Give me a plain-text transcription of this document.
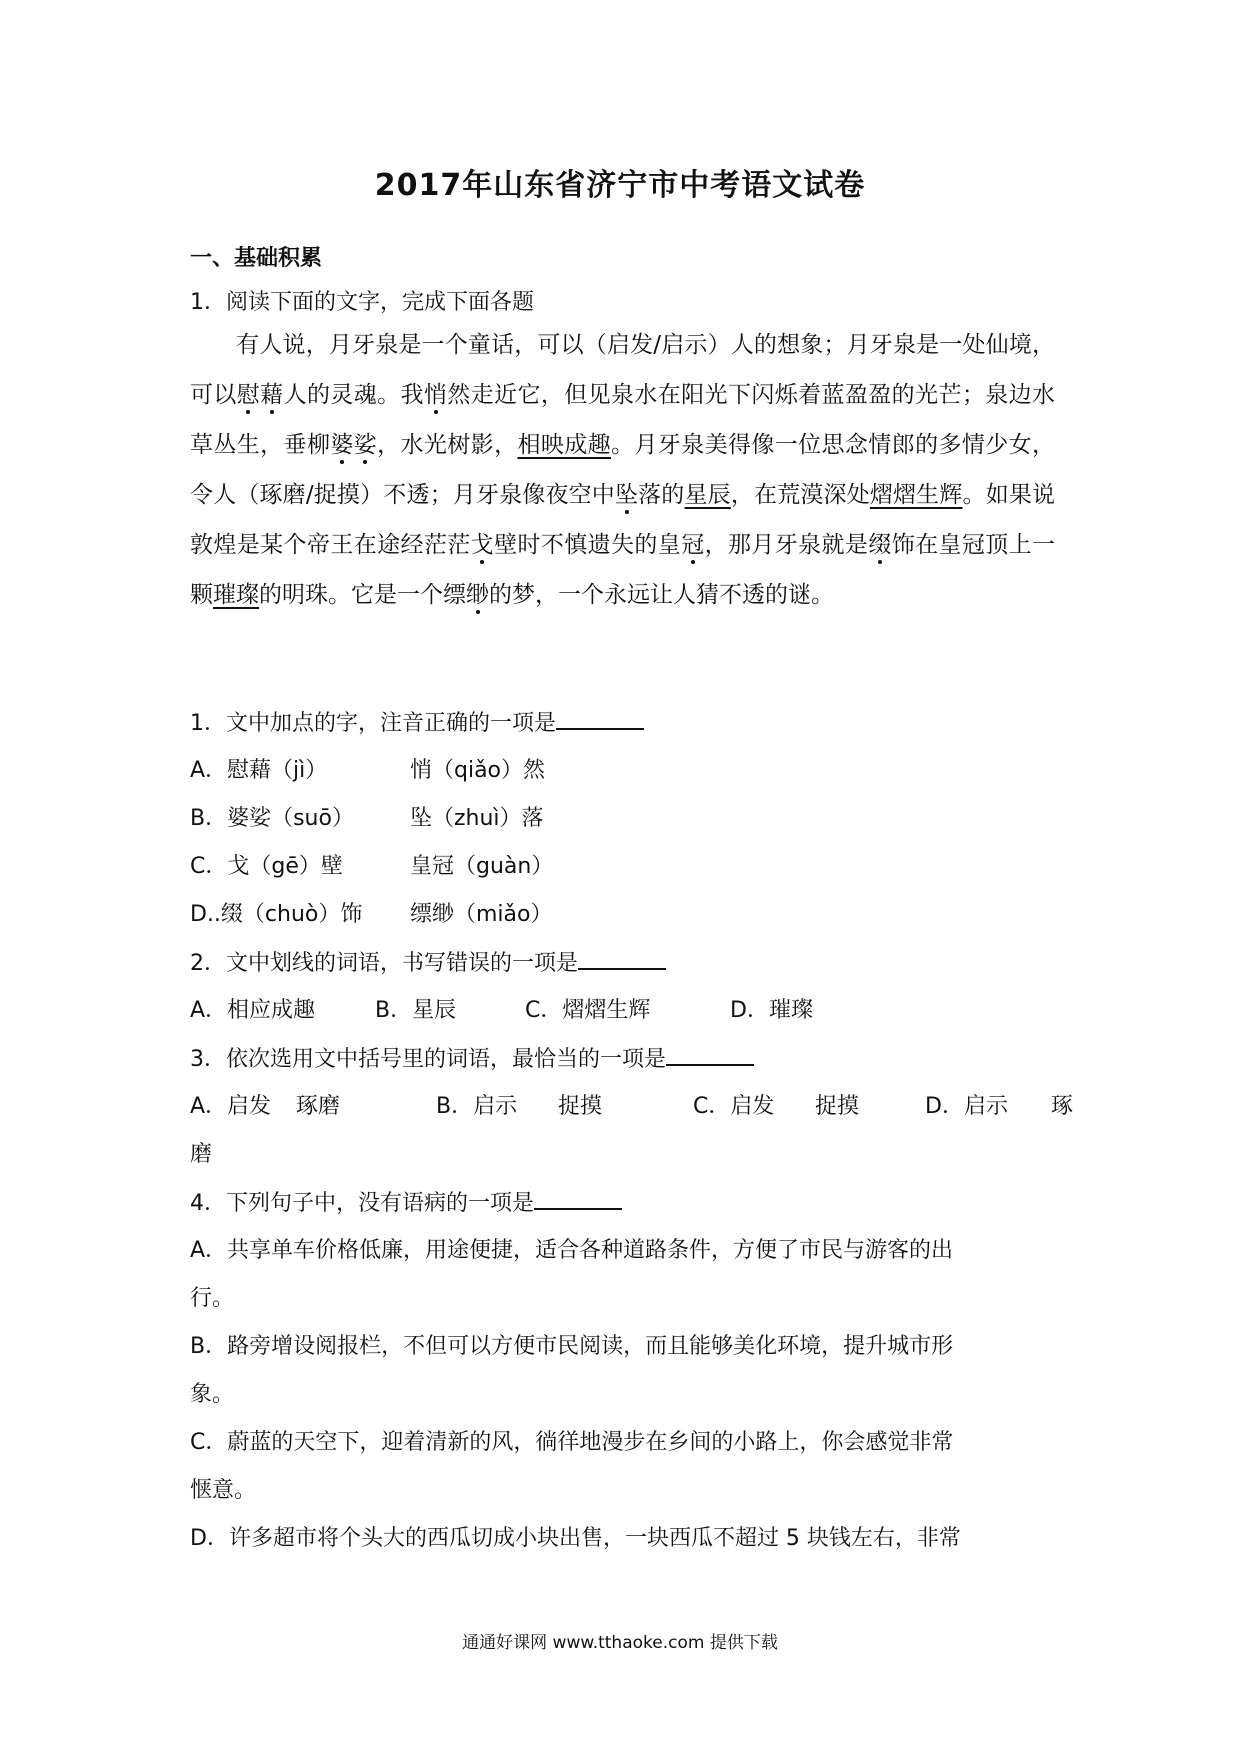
2017年山东省济宁市中考语文试卷
一、基础积累
1．阅读下面的文字，完成下面各题

有人说，月牙泉是一个童话，可以（启发/启示）人的想象；月牙泉是一处仙境，可以慰藉人的灵魂。我悄然走近它，但见泉水在阳光下闪烁着蓝盈盈的光芒；泉边水草丛生，垂柳婆娑，水光树影，相映成趣。月牙泉美得像一位思念情郎的多情少女，令人（琢磨/捉摸）不透；月牙泉像夜空中坠落的星辰，在荒漠深处熠熠生辉。如果说敦煌是某个帝王在途经茫茫戈壁时不慎遗失的皇冠，那月牙泉就是缀饰在皇冠顶上一颗璀璨的明珠。它是一个缥缈的梦，一个永远让人猜不透的谜。

1．文中加点的字，注音正确的一项是
A．慰藉（jì）	悄（qiǎo）然
B．婆娑（suō）	坠（zhuì）落
C．戈（gē）壁	皇冠（guàn）
D..缀（chuò）饰 缥缈（miǎo）
2．文中划线的词语，书写错误的一项是
A．相应成趣	B．星辰	C．熠熠生辉	D．璀璨
3．依次选用文中括号里的词语，最恰当的一项是
A．启发 琢磨	B．启示 捉摸	C．启发 捉摸	D．启示 琢
磨
4．下列句子中，没有语病的一项是
A．共享单车价格低廉，用途便捷，适合各种道路条件，方便了市民与游客的出
行。
B．路旁增设阅报栏，不但可以方便市民阅读，而且能够美化环境，提升城市形
象。
C．蔚蓝的天空下，迎着清新的风，徜徉地漫步在乡间的小路上，你会感觉非常
惬意。
D．许多超市将个头大的西瓜切成小块出售，一块西瓜不超过 5 块钱左右，非常
通通好课网 www.tthaoke.com 提供下载
